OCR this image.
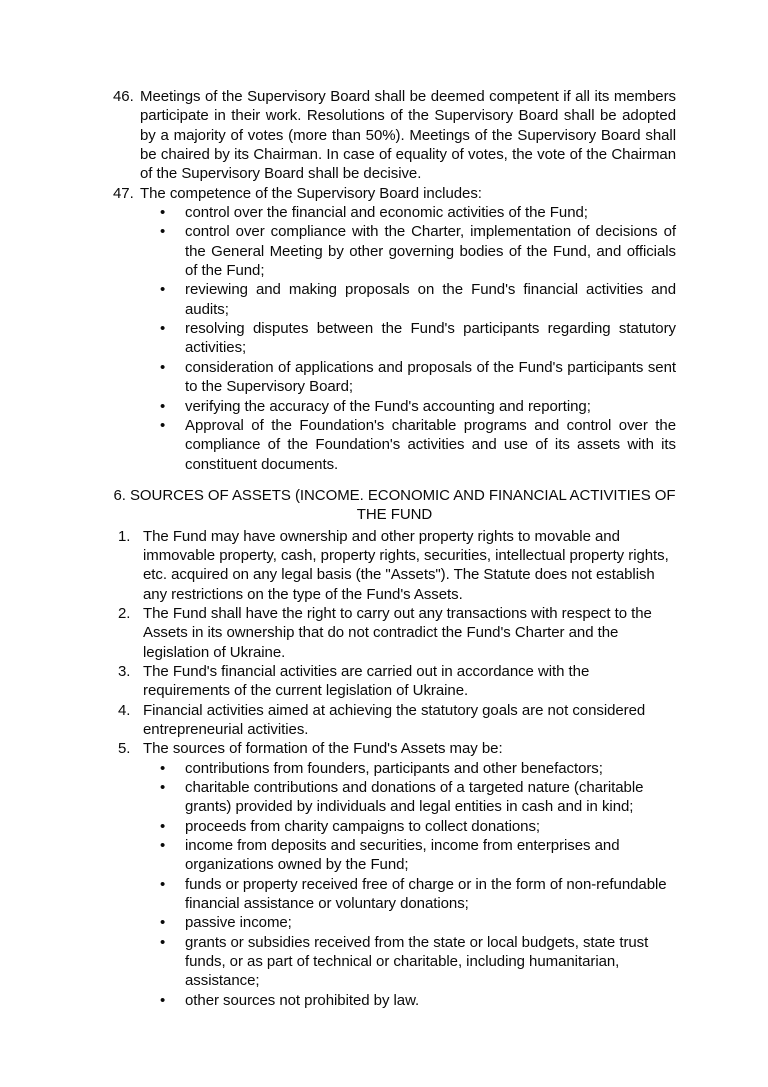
46. Meetings of the Supervisory Board shall be deemed competent if all its members participate in their work. Resolutions of the Supervisory Board shall be adopted by a majority of votes (more than 50%). Meetings of the Supervisory Board shall be chaired by its Chairman. In case of equality of votes, the vote of the Chairman of the Supervisory Board shall be decisive.

47. The competence of the Supervisory Board includes:

•
control over the financial and economic activities of the Fund;
•
control over compliance with the Charter, implementation of decisions of the General Meeting by other governing bodies of the Fund, and officials of the Fund;
•
reviewing and making proposals on the Fund's financial activities and audits;
•
resolving disputes between the Fund's participants regarding statutory activities;
•
consideration of applications and proposals of the Fund's participants sent to the Supervisory Board;
•
verifying the accuracy of the Fund's accounting and reporting;
•
Approval of the Foundation's charitable programs and control over the compliance of the Foundation's activities and use of its assets with its constituent documents.
6. SOURCES OF ASSETS (INCOME. ECONOMIC AND FINANCIAL ACTIVITIES OF THE FUND
1. The Fund may have ownership and other property rights to movable and immovable property, cash, property rights, securities, intellectual property rights, etc. acquired on any legal basis (the "Assets"). The Statute does not establish any restrictions on the type of the Fund's Assets.

2. The Fund shall have the right to carry out any transactions with respect to the Assets in its ownership that do not contradict the Fund's Charter and the legislation of Ukraine.

3. The Fund's financial activities are carried out in accordance with the requirements of the current legislation of Ukraine.

4. Financial activities aimed at achieving the statutory goals are not considered entrepreneurial activities.

5. The sources of formation of the Fund's Assets may be:

•
contributions from founders, participants and other benefactors;
•
charitable contributions and donations of a targeted nature (charitable grants) provided by individuals and legal entities in cash and in kind;
•
proceeds from charity campaigns to collect donations;
•
income from deposits and securities, income from enterprises and organizations owned by the Fund;
•
funds or property received free of charge or in the form of non-refundable financial assistance or voluntary donations;
•
passive income;
•
grants or subsidies received from the state or local budgets, state trust funds, or as part of technical or charitable, including humanitarian, assistance;
•
other sources not prohibited by law.
